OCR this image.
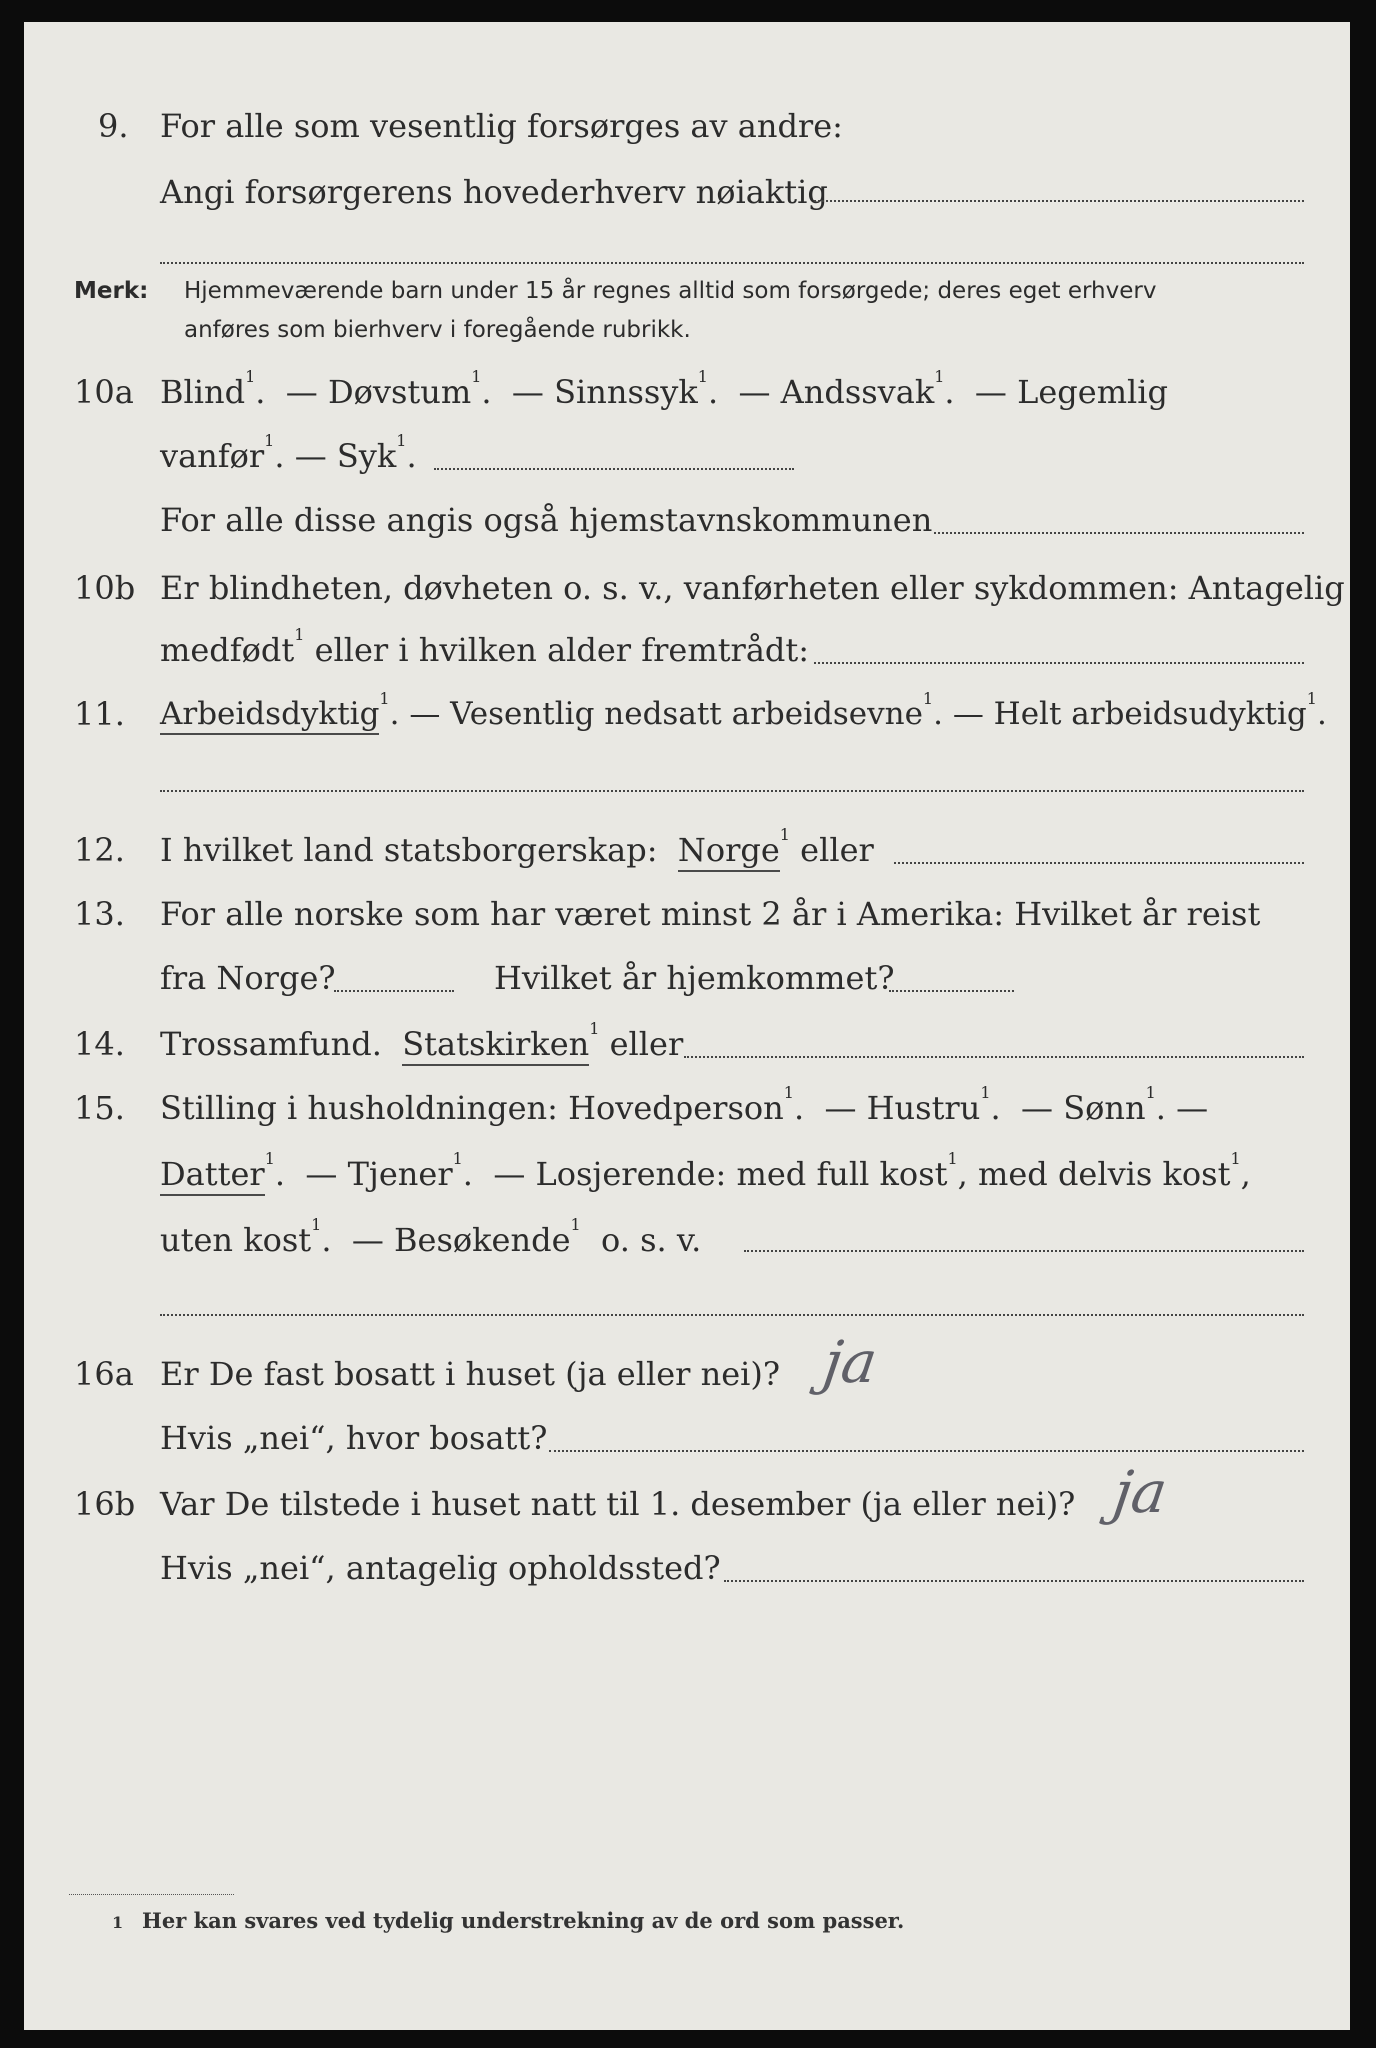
9. For alle som vesentlig forsørges av andre:
Angi forsørgerens hovederhverv nøiaktig
Merk: Hjemmeværende barn under 15 år regnes alltid som forsørgede; deres eget erhverv
anføres som bierhverv i foregående rubrikk.
10a Blind$^1$. — Døvstum$^1$. — Sinnssyk$^1$. — Andssvak$^1$. — Legemlig
vanfør$^1$. — Syk$^1$.
For alle disse angis også hjemstavnskommunen
10b Er blindheten, døvheten o. s. v., vanførheten eller sykdommen: Antagelig
medfødt$^1$ eller i hvilken alder fremtrådt:
11. Arbeidsdyktig$^1$. — Vesentlig nedsatt arbeidsevne$^1$. — Helt arbeidsudyktig$^1$.
12. I hvilket land statsborgerskap: Norge$^1$ eller
13. For alle norske som har været minst 2 år i Amerika: Hvilket år reist
fra Norge?	Hvilket år hjemkommet?
14. Trossamfund. Statskirken$^1$ eller
15. Stilling i husholdningen: Hovedperson$^1$. — Hustru$^1$. — Sønn$^1$. —
Datter$^1$. — Tjener$^1$. — Losjerende: med full kost$^1$, med delvis kost$^1$,
uten kost$^1$. — Besøkende$^1$ o. s. v.
16a Er De fast bosatt i huset (ja eller nei)? ja
Hvis „nei“, hvor bosatt?
16b Var De tilstede i huset natt til 1. desember (ja eller nei)? ja
Hvis „nei“, antagelig opholdssted?
1 Her kan svares ved tydelig understrekning av de ord som passer.
